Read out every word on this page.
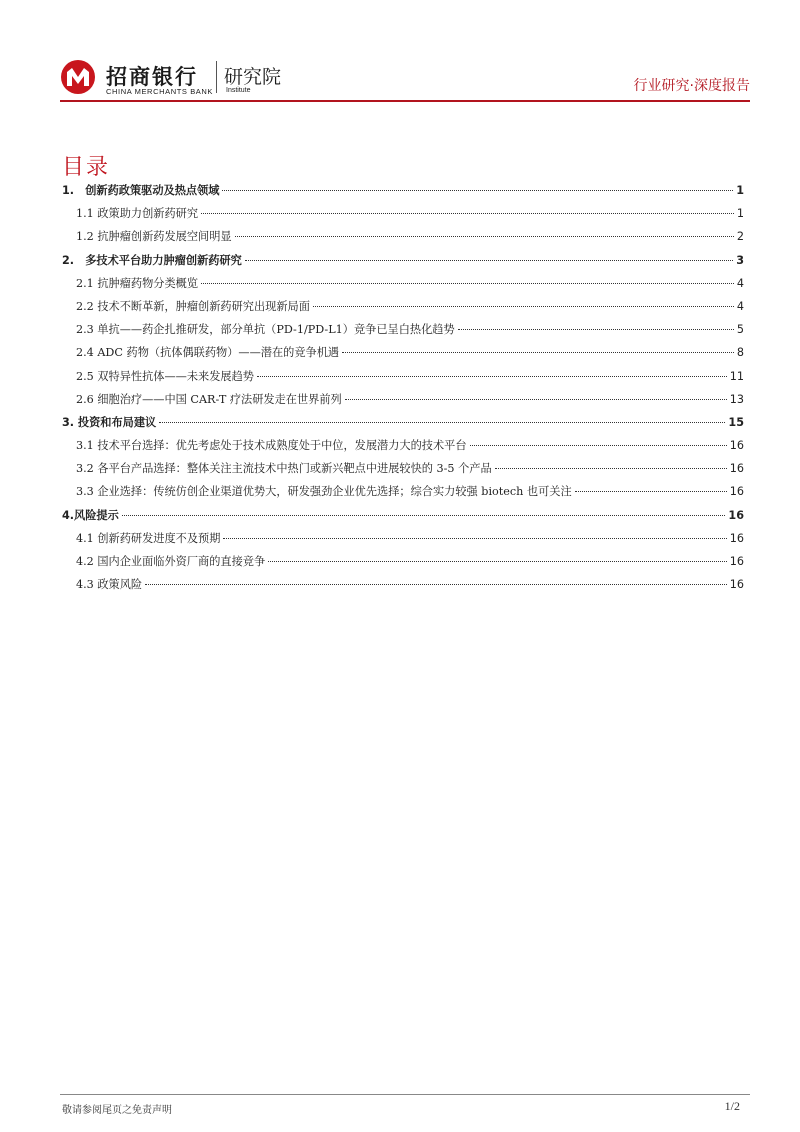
招商银行
CHINA MERCHANTS BANK
研究院
Institute	行业研究·深度报告
目录
1.　创新药政策驱动及热点领域	1
1.1 政策助力创新药研究	1
1.2 抗肿瘤创新药发展空间明显	2
2.　多技术平台助力肿瘤创新药研究	3
2.1 抗肿瘤药物分类概览	4
2.2 技术不断革新，肿瘤创新药研究出现新局面	4
2.3 单抗——药企扎推研发，部分单抗（PD-1/PD-L1）竞争已呈白热化趋势	5
2.4 ADC 药物（抗体偶联药物）——潜在的竞争机遇	8
2.5 双特异性抗体——未来发展趋势	11
2.6 细胞治疗——中国 CAR-T 疗法研发走在世界前列	13
3. 投资和布局建议	15
3.1 技术平台选择：优先考虑处于技术成熟度处于中位，发展潜力大的技术平台	16
3.2 各平台产品选择：整体关注主流技术中热门或新兴靶点中进展较快的 3-5 个产品	16
3.3 企业选择：传统仿创企业渠道优势大，研发强劲企业优先选择；综合实力较强 biotech 也可关注	16
4.风险提示	16
4.1 创新药研发进度不及预期	16
4.2 国内企业面临外资厂商的直接竞争	16
4.3 政策风险	16
敬请参阅尾页之免责声明	1/2
